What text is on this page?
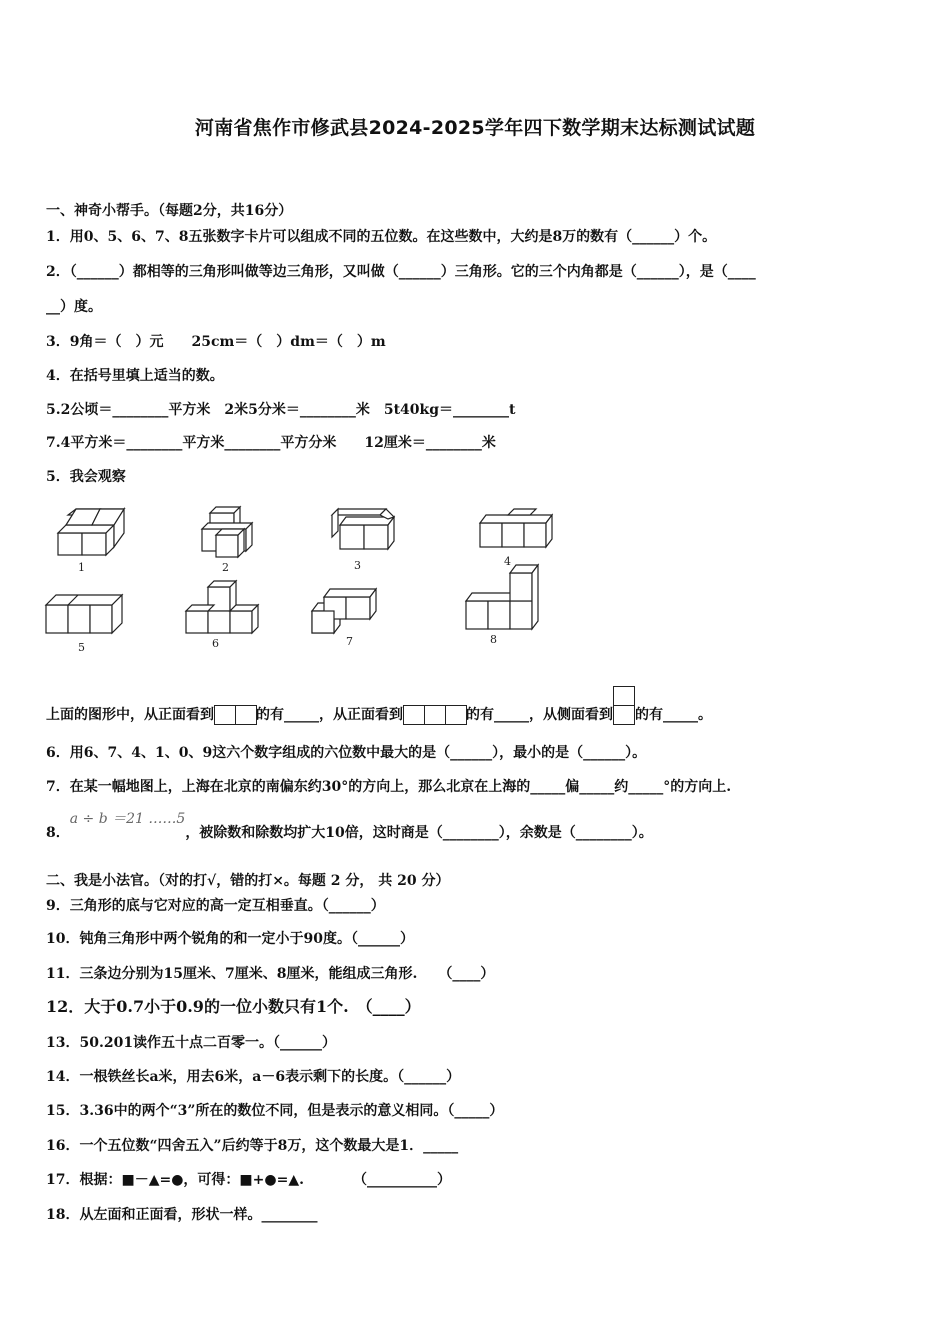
河南省焦作市修武县2024-2025学年四下数学期末达标测试试题
一、神奇小帮手。（每题2分，共16分）
1．用0、5、6、7、8五张数字卡片可以组成不同的五位数。在这些数中，大约是8万的数有（______）个。
2．（______）都相等的三角形叫做等边三角形，又叫做（______）三角形。它的三个内角都是（______），是（____
__）度。
3．9角＝（　）元　　25cm＝（　）dm＝（　）m
4．在括号里填上适当的数。
5.2公顷＝________平方米　2米5分米＝________米　5t40kg＝________t
7.4平方米＝________平方米________平方分米　　12厘米＝________米
5．我会观察
1	2	3	4
5	6	7	8
上面的图形中，从正面看到	的有_____，从正面看到	的有_____，从侧面看到 的有_____。
6．用6、7、4、1、0、9这六个数字组成的六位数中最大的是（______），最小的是（______）。
7．在某一幅地图上，上海在北京的南偏东约30°的方向上，那么北京在上海的_____偏_____约_____°的方向上.
8．a ÷ b ＝21 ……5，被除数和除数均扩大10倍，这时商是（________），余数是（________）。
二、我是小法官。（对的打√，错的打×。每题 2 分， 共 20 分）
9．三角形的底与它对应的高一定互相垂直。（______）
10．钝角三角形中两个锐角的和一定小于90度。（______）
11．三条边分别为15厘米、7厘米、8厘米，能组成三角形.　　（____）
12．大于0.7小于0.9的一位小数只有1个.　（____）
13．50.201读作五十点二百零一。（______）
14．一根铁丝长a米，用去6米，a－6表示剩下的长度。（______）
15．3.36中的两个“3”所在的数位不同，但是表示的意义相同。（_____）
16．一个五位数“四舍五入”后约等于8万，这个数最大是1．_____
17．根据：■－▲=●，可得：■+●=▲.　　　　（__________）
18．从左面和正面看，形状一样。________
